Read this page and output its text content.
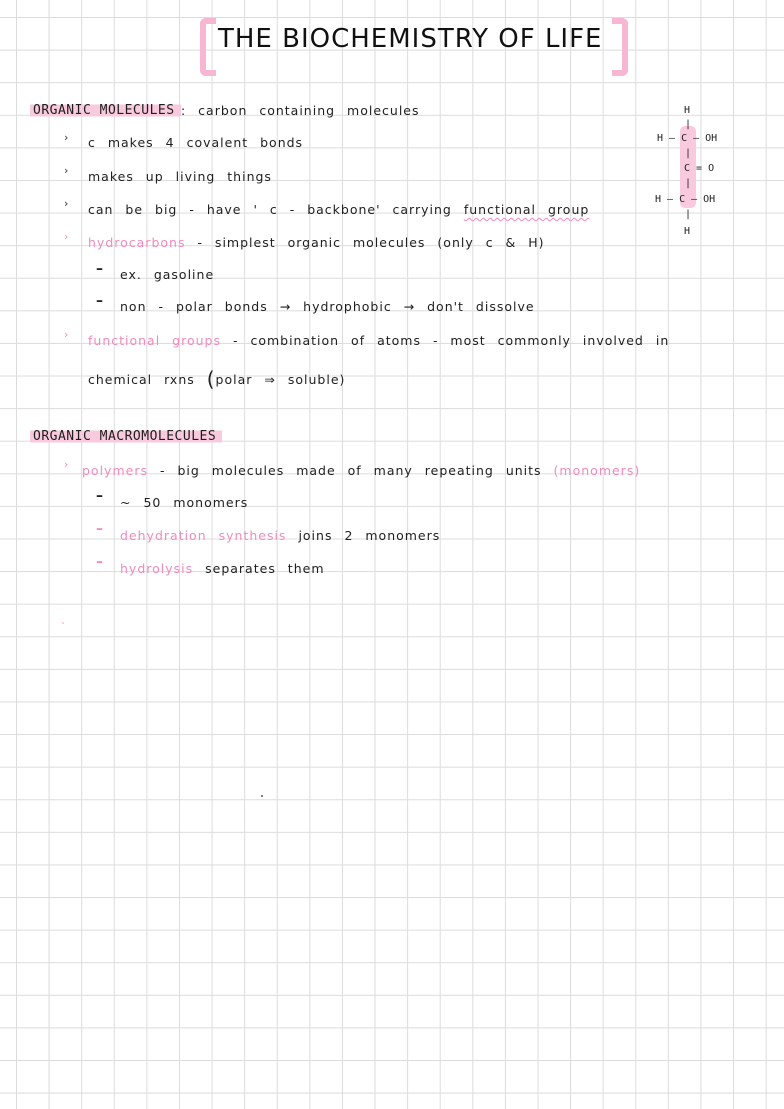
THE BIOCHEMISTRY OF LIFE
ORGANIC MOLECULES : carbon containing molecules
› c makes 4 covalent bonds
› makes up living things
› can be big - have ' c - backbone' carrying functional group
› hydrocarbons - simplest organic molecules (only c & H)
– ex. gasoline
– non - polar bonds → hydrophobic → don't dissolve
› functional groups - combination of atoms - most commonly involved in
chemical rxns (polar ⇒ soluble)
H
|
H – C – OH
|
C = O
|
H – C – OH
|
H
ORGANIC MACROMOLECULES
› polymers - big molecules made of many repeating units (monomers)
– ~ 50 monomers
– dehydration synthesis joins 2 monomers
– hydrolysis separates them
